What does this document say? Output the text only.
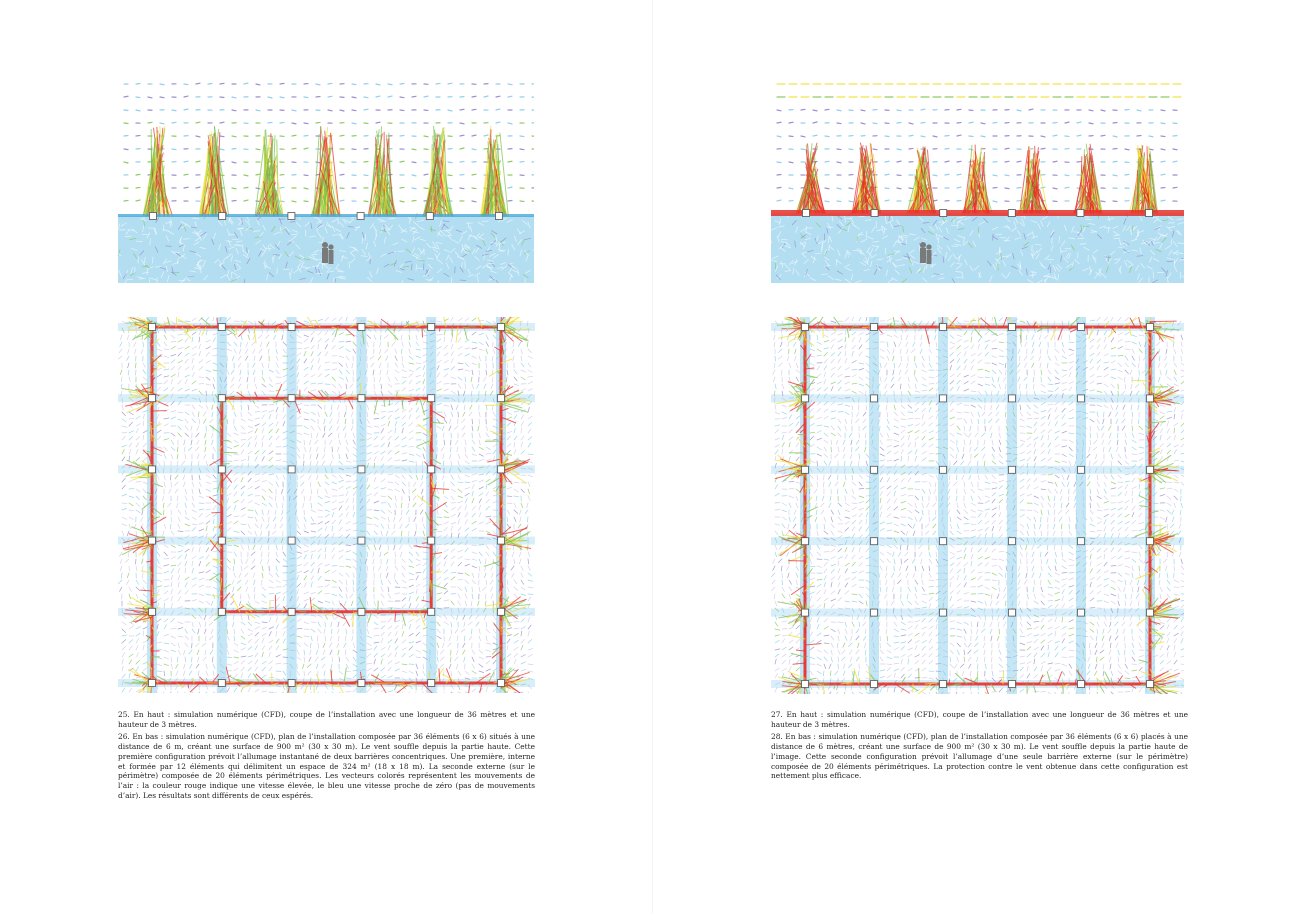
25. En haut : simulation numérique (CFD), coupe de l’installation avec une longueur de 36 mètres et une hauteur de 3 mètres.

26. En bas : simulation numérique (CFD), plan de l’installation composée par 36 éléments (6 x 6) situés à une distance de 6 m, créant une surface de 900 m² (30 x 30 m). Le vent souffle depuis la partie haute. Cette première configuration prévoit l’allumage instantané de deux barrières concentriques. Une première, interne et formée par 12 éléments qui délimitent un espace de 324 m² (18 x 18 m). La seconde externe (sur le périmètre) composée de 20 éléments périmétriques. Les vecteurs colorés représentent les mouvements de l’air : la couleur rouge indique une vitesse élevée, le bleu une vitesse proche de zéro (pas de mouvements d’air). Les résultats sont différents de ceux espérés.

27. En haut : simulation numérique (CFD), coupe de l’installation avec une longueur de 36 mètres et une hauteur de 3 mètres.

28. En bas : simulation numérique (CFD), plan de l’installation composée par 36 éléments (6 x 6) placés à une distance de 6 mètres, créant une surface de 900 m² (30 x 30 m). Le vent souffle depuis la partie haute de l’image. Cette seconde configuration prévoit l’allumage d’une seule barrière externe (sur le périmètre) composée de 20 éléments périmétriques. La protection contre le vent obtenue dans cette configuration est nettement plus efficace.
